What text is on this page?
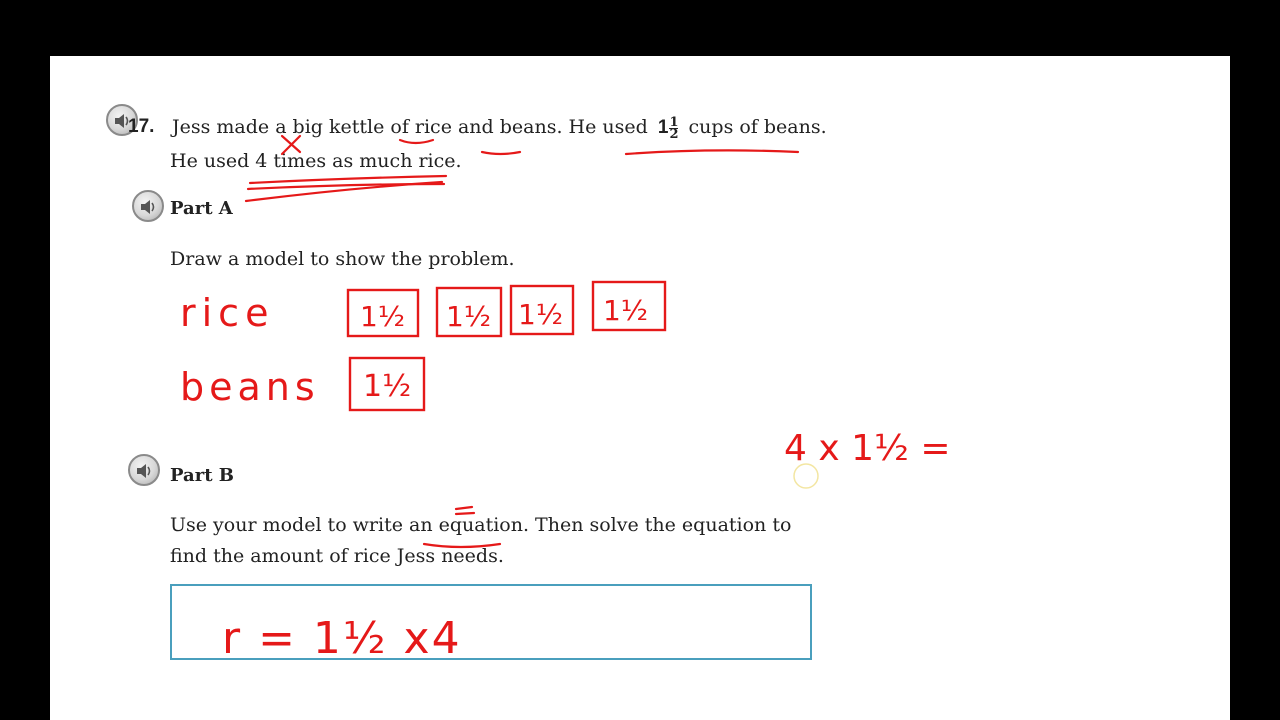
17. Jess made a big kettle of rice and beans. He used $1\frac{1}{2}$ cups of beans.
He used 4 times as much rice.
Part A
Draw a model to show the problem.
Part B
Use your model to write an equation. Then solve the equation to
find the amount of rice Jess needs.
rice
beans
1½ 1½ 1½ 1½
1½
4 x 1½ =
r = 1½ x4
